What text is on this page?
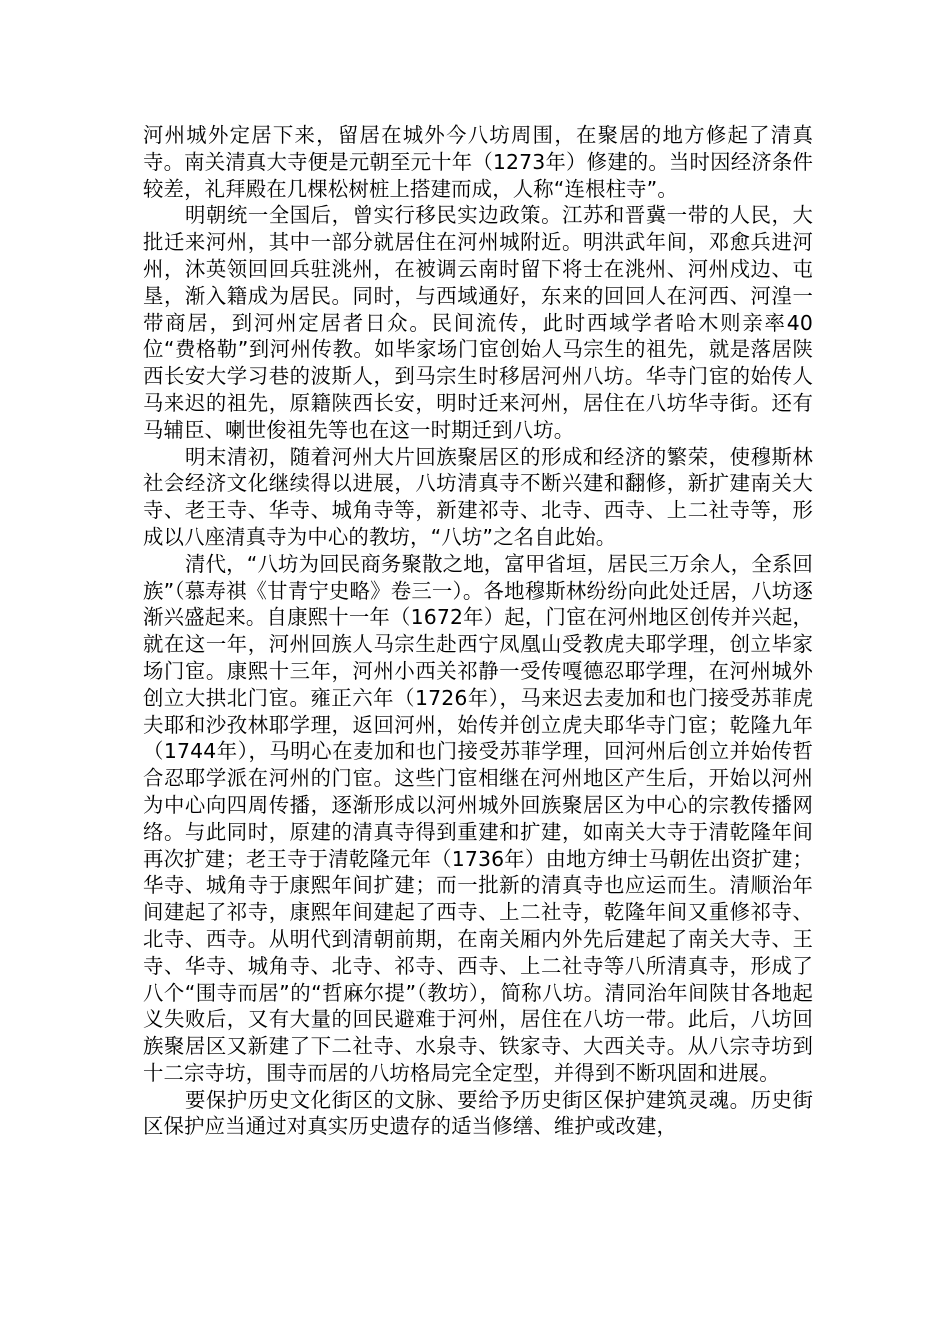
河州城外定居下来，留居在城外今八坊周围，在聚居的地方修起了清真寺。南关清真大寺便是元朝至元十年（1273年）修建的。当时因经济条件较差，礼拜殿在几棵松树桩上搭建而成，人称“连根柱寺”。

明朝统一全国后，曾实行移民实边政策。江苏和晋冀一带的人民，大批迁来河州，其中一部分就居住在河州城附近。明洪武年间，邓愈兵进河州，沐英领回回兵驻洮州，在被调云南时留下将士在洮州、河州戍边、屯垦，渐入籍成为居民。同时，与西域通好，东来的回回人在河西、河湟一带商居，到河州定居者日众。民间流传，此时西域学者哈木则亲率40位“费格勒”到河州传教。如毕家场门宦创始人马宗生的祖先，就是落居陕西长安大学习巷的波斯人，到马宗生时移居河州八坊。华寺门宦的始传人马来迟的祖先，原籍陕西长安，明时迁来河州，居住在八坊华寺街。还有马辅臣、喇世俊祖先等也在这一时期迁到八坊。

明末清初，随着河州大片回族聚居区的形成和经济的繁荣，使穆斯林社会经济文化继续得以进展，八坊清真寺不断兴建和翻修，新扩建南关大寺、老王寺、华寺、城角寺等，新建祁寺、北寺、西寺、上二社寺等，形成以八座清真寺为中心的教坊，“八坊”之名自此始。

清代，“八坊为回民商务聚散之地，富甲省垣，居民三万余人，全系回族”（慕寿祺《甘青宁史略》卷三一）。各地穆斯林纷纷向此处迁居，八坊逐渐兴盛起来。自康熙十一年（1672年）起，门宦在河州地区创传并兴起，就在这一年，河州回族人马宗生赴西宁凤凰山受教虎夫耶学理，创立毕家场门宦。康熙十三年，河州小西关祁静一受传嘎德忍耶学理，在河州城外创立大拱北门宦。雍正六年（1726年），马来迟去麦加和也门接受苏菲虎夫耶和沙孜林耶学理，返回河州，始传并创立虎夫耶华寺门宦；乾隆九年（1744年），马明心在麦加和也门接受苏菲学理，回河州后创立并始传哲合忍耶学派在河州的门宦。这些门宦相继在河州地区产生后，开始以河州为中心向四周传播，逐渐形成以河州城外回族聚居区为中心的宗教传播网络。与此同时，原建的清真寺得到重建和扩建，如南关大寺于清乾隆年间再次扩建；老王寺于清乾隆元年（1736年）由地方绅士马朝佐出资扩建；华寺、城角寺于康熙年间扩建；而一批新的清真寺也应运而生。清顺治年间建起了祁寺，康熙年间建起了西寺、上二社寺，乾隆年间又重修祁寺、北寺、西寺。从明代到清朝前期，在南关厢内外先后建起了南关大寺、王寺、华寺、城角寺、北寺、祁寺、西寺、上二社寺等八所清真寺，形成了八个“围寺而居”的“哲麻尔提”（教坊），简称八坊。清同治年间陕甘各地起义失败后，又有大量的回民避难于河州，居住在八坊一带。此后，八坊回族聚居区又新建了下二社寺、水泉寺、铁家寺、大西关寺。从八宗寺坊到十二宗寺坊，围寺而居的八坊格局完全定型，并得到不断巩固和进展。

要保护历史文化街区的文脉、要给予历史街区保护建筑灵魂。历史街区保护应当通过对真实历史遗存的适当修缮、维护或改建，
